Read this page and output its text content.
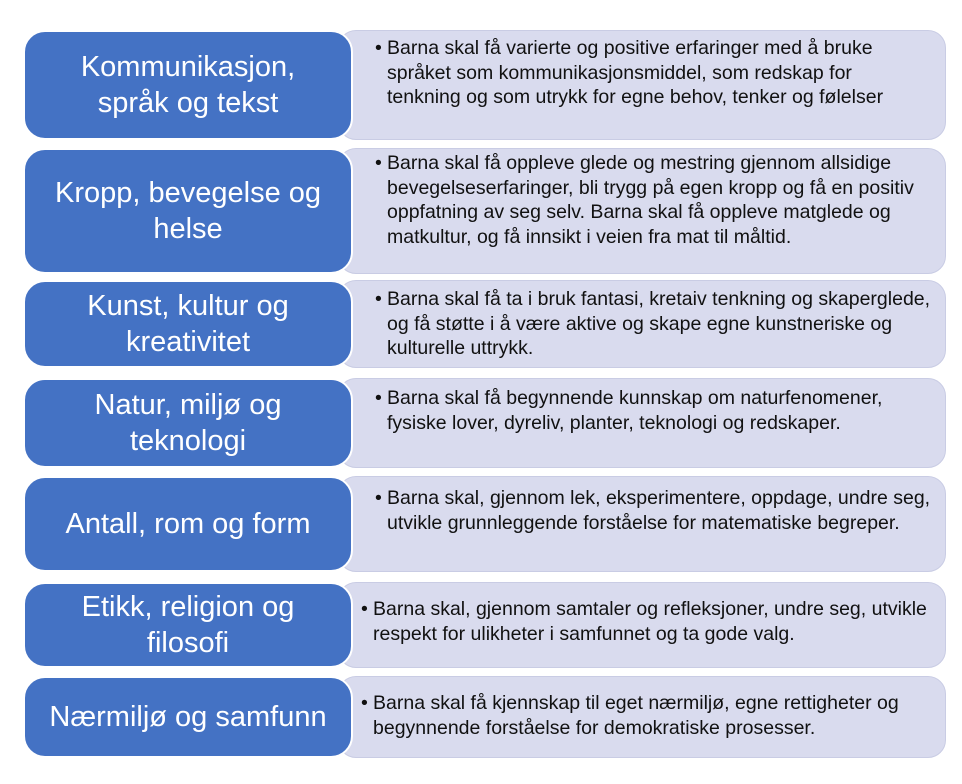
• Barna skal få varierte og positive erfaringer med å bruke språket som kommunikasjonsmiddel, som redskap for tenkning og som utrykk for egne behov, tenker og følelser
Kommunikasjon, språk og tekst
• Barna skal få oppleve glede og mestring gjennom allsidige bevegelseserfaringer, bli trygg på egen kropp og få en positiv oppfatning av seg selv. Barna skal få oppleve matglede og matkultur, og få innsikt i veien fra mat til måltid.
Kropp, bevegelse og helse
• Barna skal få ta i bruk fantasi, kretaiv tenkning og skaperglede, og få støtte i å være aktive og skape egne kunstneriske og kulturelle uttrykk.
Kunst, kultur og kreativitet
• Barna skal få begynnende kunnskap om naturfenomener, fysiske lover, dyreliv, planter, teknologi og redskaper.
Natur, miljø og teknologi
• Barna skal, gjennom lek, eksperimentere, oppdage, undre seg, utvikle grunnleggende forståelse for matematiske begreper.
Antall, rom og form
• Barna skal, gjennom samtaler og refleksjoner, undre seg, utvikle respekt for ulikheter i samfunnet og ta gode valg.
Etikk, religion og filosofi
• Barna skal få kjennskap til eget nærmiljø, egne rettigheter og begynnende forståelse for demokratiske prosesser.
Nærmiljø og samfunn
